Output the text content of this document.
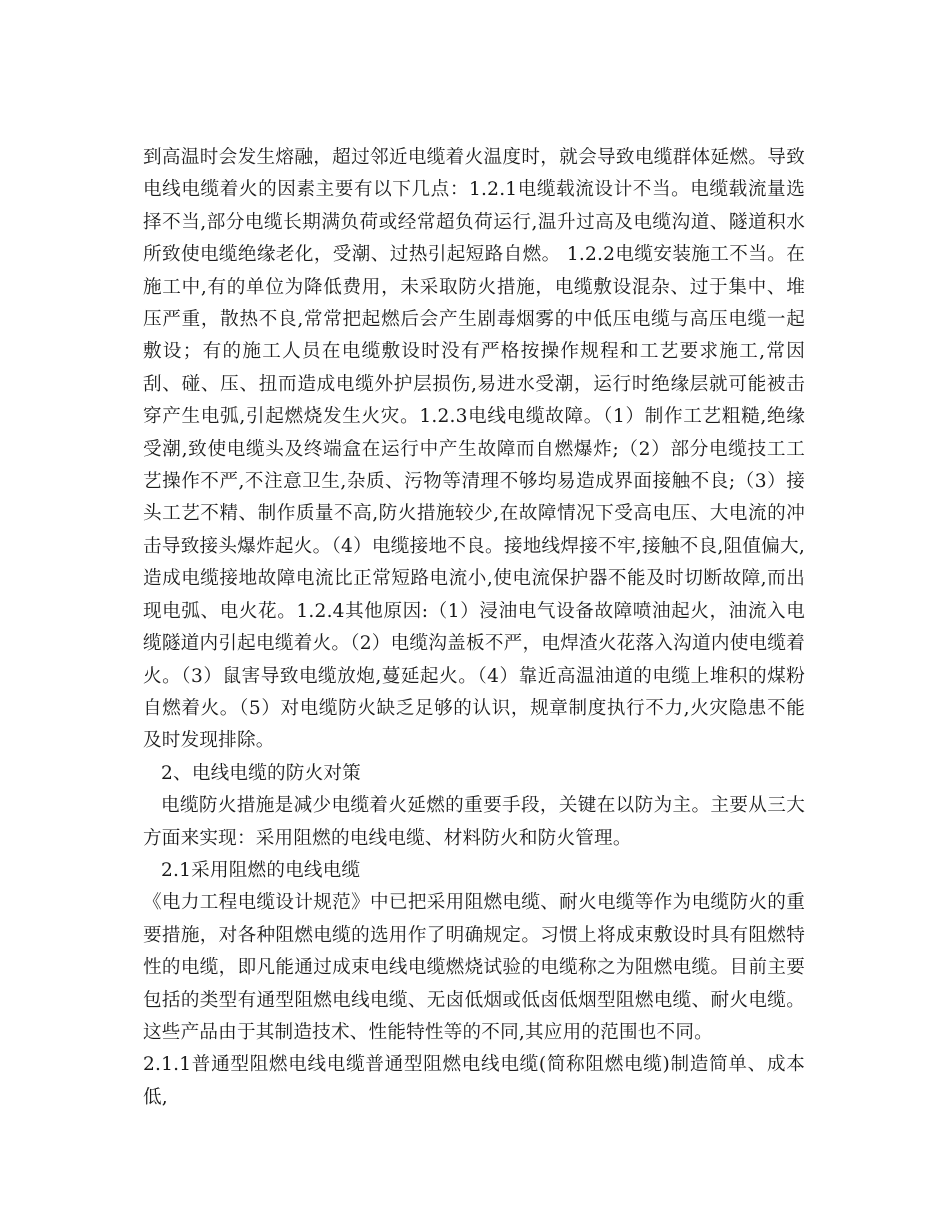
到高温时会发生熔融，超过邻近电缆着火温度时，就会导致电缆群体延燃。导致电线电缆着火的因素主要有以下几点：1.2.1电缆载流设计不当。电缆载流量选择不当,部分电缆长期满负荷或经常超负荷运行,温升过高及电缆沟道、隧道积水所致使电缆绝缘老化，受潮、过热引起短路自燃。 1.2.2电缆安装施工不当。在施工中,有的单位为降低费用，未采取防火措施，电缆敷设混杂、过于集中、堆压严重，散热不良,常常把起燃后会产生剧毒烟雾的中低压电缆与高压电缆一起敷设；有的施工人员在电缆敷设时没有严格按操作规程和工艺要求施工,常因刮、碰、压、扭而造成电缆外护层损伤,易进水受潮，运行时绝缘层就可能被击穿产生电弧,引起燃烧发生火灾。1.2.3电线电缆故障。（1）制作工艺粗糙,绝缘受潮,致使电缆头及终端盒在运行中产生故障而自燃爆炸;（2）部分电缆技工工艺操作不严,不注意卫生,杂质、污物等清理不够均易造成界面接触不良;（3）接头工艺不精、制作质量不高,防火措施较少,在故障情况下受高电压、大电流的冲击导致接头爆炸起火。（4）电缆接地不良。接地线焊接不牢,接触不良,阻值偏大,造成电缆接地故障电流比正常短路电流小,使电流保护器不能及时切断故障,而出现电弧、电火花。1.2.4其他原因:（1）浸油电气设备故障喷油起火，油流入电缆隧道内引起电缆着火。（2）电缆沟盖板不严，电焊渣火花落入沟道内使电缆着火。（3）鼠害导致电缆放炮,蔓延起火。（4）靠近高温油道的电缆上堆积的煤粉自燃着火。（5）对电缆防火缺乏足够的认识，规章制度执行不力,火灾隐患不能及时发现排除。

2、电线电缆的防火对策

电缆防火措施是减少电缆着火延燃的重要手段，关键在以防为主。主要从三大方面来实现：采用阻燃的电线电缆、材料防火和防火管理。

2.1采用阻燃的电线电缆

《电力工程电缆设计规范》中已把采用阻燃电缆、耐火电缆等作为电缆防火的重要措施，对各种阻燃电缆的选用作了明确规定。习惯上将成束敷设时具有阻燃特性的电缆，即凡能通过成束电线电缆燃烧试验的电缆称之为阻燃电缆。目前主要包括的类型有通型阻燃电线电缆、无卤低烟或低卤低烟型阻燃电缆、耐火电缆。这些产品由于其制造技术、性能特性等的不同,其应用的范围也不同。

2.1.1普通型阻燃电线电缆普通型阻燃电线电缆(简称阻燃电缆)制造简单、成本低,
